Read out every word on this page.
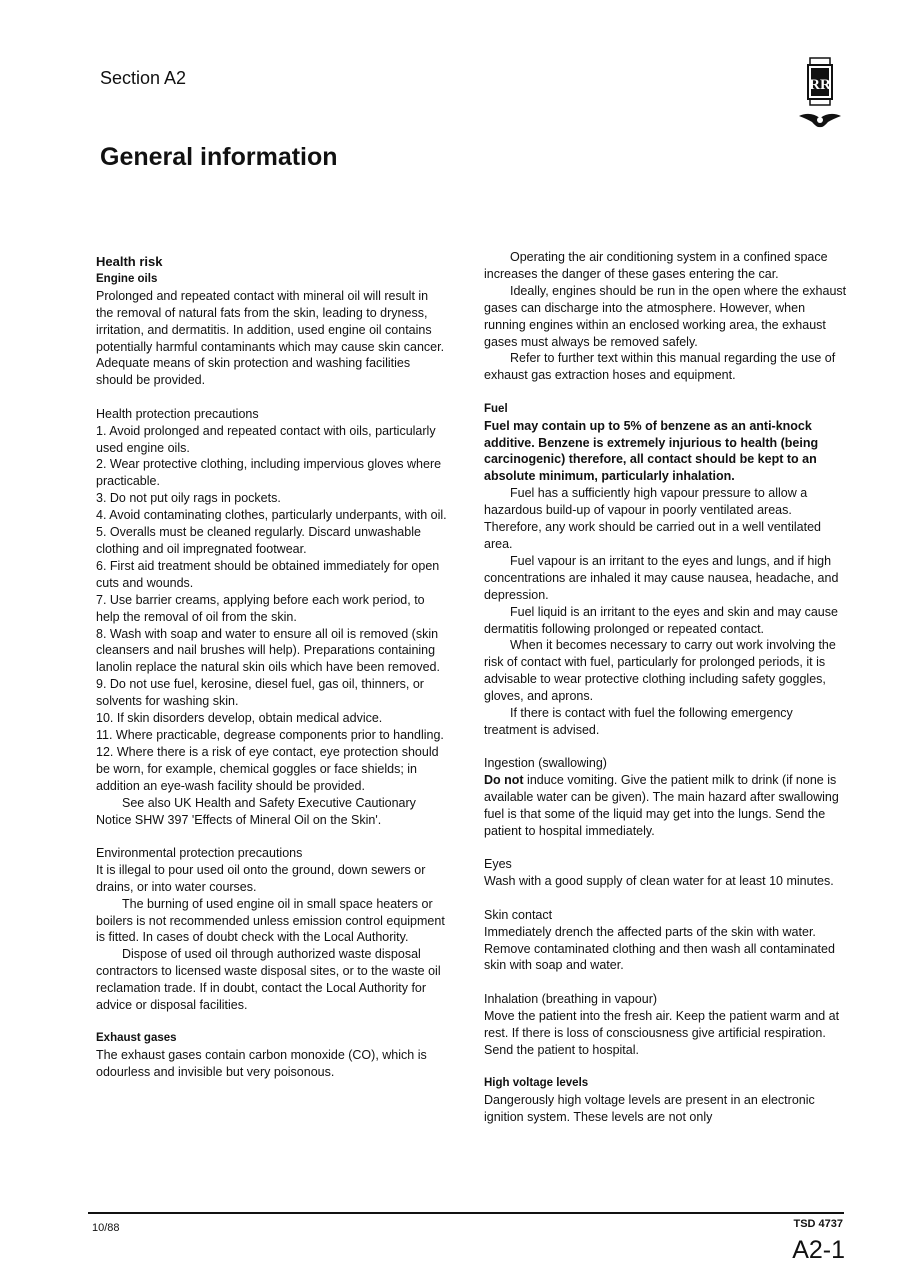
Section A2
General information
RR

Health risk

Engine oils

Prolonged and repeated contact with mineral oil will result in the removal of natural fats from the skin, leading to dryness, irritation, and dermatitis. In addition, used engine oil contains potentially harmful contaminants which may cause skin cancer. Adequate means of skin protection and washing facilities should be provided.

Health protection precautions

1. Avoid prolonged and repeated contact with oils, particularly used engine oils.

2. Wear protective clothing, including impervious gloves where practicable.

3. Do not put oily rags in pockets.

4. Avoid contaminating clothes, particularly underpants, with oil.

5. Overalls must be cleaned regularly. Discard unwashable clothing and oil impregnated footwear.

6. First aid treatment should be obtained immediately for open cuts and wounds.

7. Use barrier creams, applying before each work period, to help the removal of oil from the skin.

8. Wash with soap and water to ensure all oil is removed (skin cleansers and nail brushes will help). Preparations containing lanolin replace the natural skin oils which have been removed.

9. Do not use fuel, kerosine, diesel fuel, gas oil, thinners, or solvents for washing skin.

10. If skin disorders develop, obtain medical advice.

11. Where practicable, degrease components prior to handling.

12. Where there is a risk of eye contact, eye protection should be worn, for example, chemical goggles or face shields; in addition an eye-wash facility should be provided.

See also UK Health and Safety Executive Cautionary Notice SHW 397 'Effects of Mineral Oil on the Skin'.

Environmental protection precautions

It is illegal to pour used oil onto the ground, down sewers or drains, or into water courses.

The burning of used engine oil in small space heaters or boilers is not recommended unless emission control equipment is fitted. In cases of doubt check with the Local Authority.

Dispose of used oil through authorized waste disposal contractors to licensed waste disposal sites, or to the waste oil reclamation trade. If in doubt, contact the Local Authority for advice or disposal facilities.

Exhaust gases

The exhaust gases contain carbon monoxide (CO), which is odourless and invisible but very poisonous.

Operating the air conditioning system in a confined space increases the danger of these gases entering the car.

Ideally, engines should be run in the open where the exhaust gases can discharge into the atmosphere. However, when running engines within an enclosed working area, the exhaust gases must always be removed safely.

Refer to further text within this manual regarding the use of exhaust gas extraction hoses and equipment.

Fuel

Fuel may contain up to 5% of benzene as an anti-knock additive. Benzene is extremely injurious to health (being carcinogenic) therefore, all contact should be kept to an absolute minimum, particularly inhalation.

Fuel has a sufficiently high vapour pressure to allow a hazardous build-up of vapour in poorly ventilated areas. Therefore, any work should be carried out in a well ventilated area.

Fuel vapour is an irritant to the eyes and lungs, and if high concentrations are inhaled it may cause nausea, headache, and depression.

Fuel liquid is an irritant to the eyes and skin and may cause dermatitis following prolonged or repeated contact.

When it becomes necessary to carry out work involving the risk of contact with fuel, particularly for prolonged periods, it is advisable to wear protective clothing including safety goggles, gloves, and aprons.

If there is contact with fuel the following emergency treatment is advised.

Ingestion (swallowing)

Do not induce vomiting. Give the patient milk to drink (if none is available water can be given). The main hazard after swallowing fuel is that some of the liquid may get into the lungs. Send the patient to hospital immediately.

Eyes

Wash with a good supply of clean water for at least 10 minutes.

Skin contact

Immediately drench the affected parts of the skin with water. Remove contaminated clothing and then wash all contaminated skin with soap and water.

Inhalation (breathing in vapour)

Move the patient into the fresh air. Keep the patient warm and at rest. If there is loss of consciousness give artificial respiration. Send the patient to hospital.

High voltage levels

Dangerously high voltage levels are present in an electronic ignition system. These levels are not only

10/88	TSD 4737
A2-1
